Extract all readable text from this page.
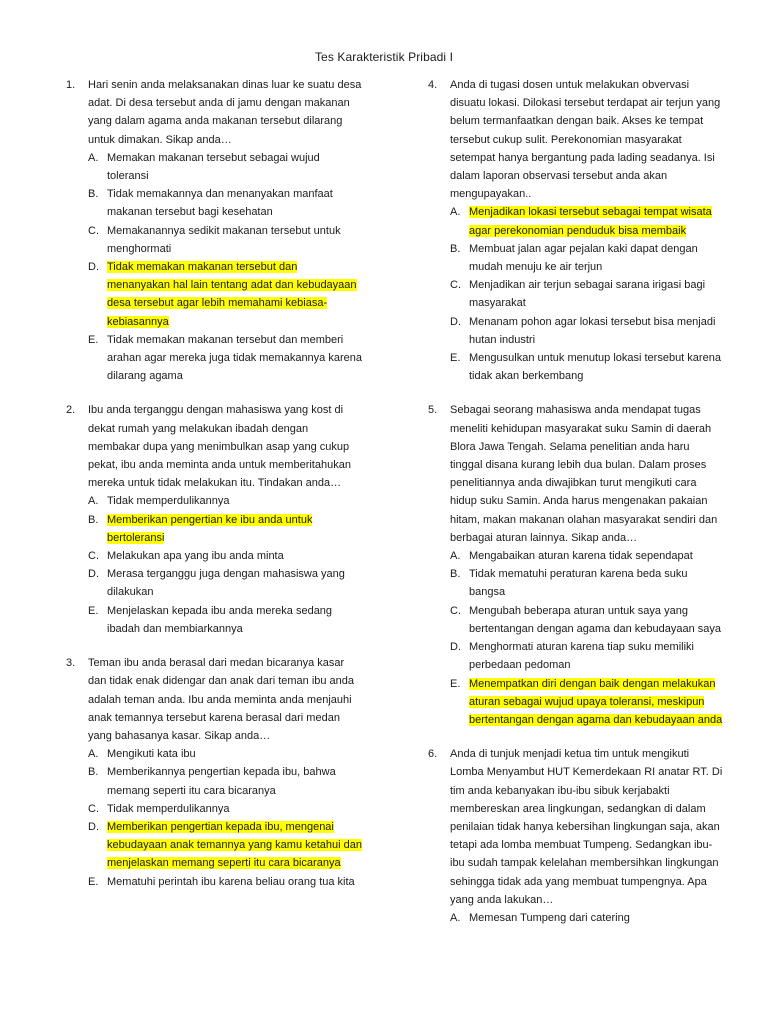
Tes Karakteristik Pribadi I
1.	Hari senin anda melaksanakan dinas luar ke suatu desa adat. Di desa tersebut anda di jamu dengan makanan yang dalam agama anda makanan tersebut dilarang untuk dimakan. Sikap anda…
A. Memakan makanan tersebut sebagai wujud toleransi
B. Tidak memakannya dan menanyakan manfaat makanan tersebut bagi kesehatan
C. Memakanannya sedikit makanan tersebut untuk menghormati
D. Tidak memakan makanan tersebut dan menanyakan hal lain tentang adat dan kebudayaan desa tersebut agar lebih memahami kebiasa-kebiasannya
E. Tidak memakan makanan tersebut dan memberi arahan agar mereka juga tidak memakannya karena dilarang agama
2.	Ibu anda terganggu dengan mahasiswa yang kost di dekat rumah yang melakukan ibadah dengan membakar dupa yang menimbulkan asap yang cukup pekat, ibu anda meminta anda untuk memberitahukan mereka untuk tidak melakukan itu. Tindakan anda…
A. Tidak memperdulikannya
B. Memberikan pengertian ke ibu anda untuk bertoleransi
C. Melakukan apa yang ibu anda minta
D. Merasa terganggu juga dengan mahasiswa yang dilakukan
E. Menjelaskan kepada ibu anda mereka sedang ibadah dan membiarkannya
3.	Teman ibu anda berasal dari medan bicaranya kasar dan tidak enak didengar dan anak dari teman ibu anda adalah teman anda. Ibu anda meminta anda menjauhi anak temannya tersebut karena berasal dari medan yang bahasanya kasar. Sikap anda…
A. Mengikuti kata ibu
B. Memberikannya pengertian kepada ibu, bahwa memang seperti itu cara bicaranya
C. Tidak memperdulikannya
D. Memberikan pengertian kepada ibu, mengenai kebudayaan anak temannya yang kamu ketahui dan menjelaskan memang seperti itu cara bicaranya
E. Mematuhi perintah ibu karena beliau orang tua kita
4.	Anda di tugasi dosen untuk melakukan obvervasi disuatu lokasi. Dilokasi tersebut terdapat air terjun yang belum termanfaatkan dengan baik. Akses ke tempat tersebut cukup sulit. Perekonomian masyarakat setempat hanya bergantung pada lading seadanya. Isi dalam laporan observasi tersebut anda akan mengupayakan..
A. Menjadikan lokasi tersebut sebagai tempat wisata agar perekonomian penduduk bisa membaik
B. Membuat jalan agar pejalan kaki dapat dengan mudah menuju ke air terjun
C. Menjadikan air terjun sebagai sarana irigasi bagi masyarakat
D. Menanam pohon agar lokasi tersebut bisa menjadi hutan industri
E. Mengusulkan untuk menutup lokasi tersebut karena tidak akan berkembang
5.	Sebagai seorang mahasiswa anda mendapat tugas meneliti kehidupan masyarakat suku Samin di daerah Blora Jawa Tengah. Selama penelitian anda haru tinggal disana kurang lebih dua bulan. Dalam proses penelitiannya anda diwajibkan turut mengikuti cara hidup suku Samin. Anda harus mengenakan pakaian hitam, makan makanan olahan masyarakat sendiri dan berbagai aturan lainnya. Sikap anda…
A. Mengabaikan aturan karena tidak sependapat
B. Tidak mematuhi peraturan karena beda suku bangsa
C. Mengubah beberapa aturan untuk saya yang bertentangan dengan agama dan kebudayaan saya
D. Menghormati aturan karena tiap suku memiliki perbedaan pedoman
E. Menempatkan diri dengan baik dengan melakukan aturan sebagai wujud upaya toleransi, meskipun bertentangan dengan agama dan kebudayaan anda
6.	Anda di tunjuk menjadi ketua tim untuk mengikuti Lomba Menyambut HUT Kemerdekaan RI anatar RT. Di tim anda kebanyakan ibu-ibu sibuk kerjabakti membereskan area lingkungan, sedangkan di dalam penilaian tidak hanya kebersihan lingkungan saja, akan tetapi ada lomba membuat Tumpeng. Sedangkan ibu-ibu sudah tampak kelelahan membersihkan lingkungan sehingga tidak ada yang membuat tumpengnya. Apa yang anda lakukan…
A. Memesan Tumpeng dari catering
